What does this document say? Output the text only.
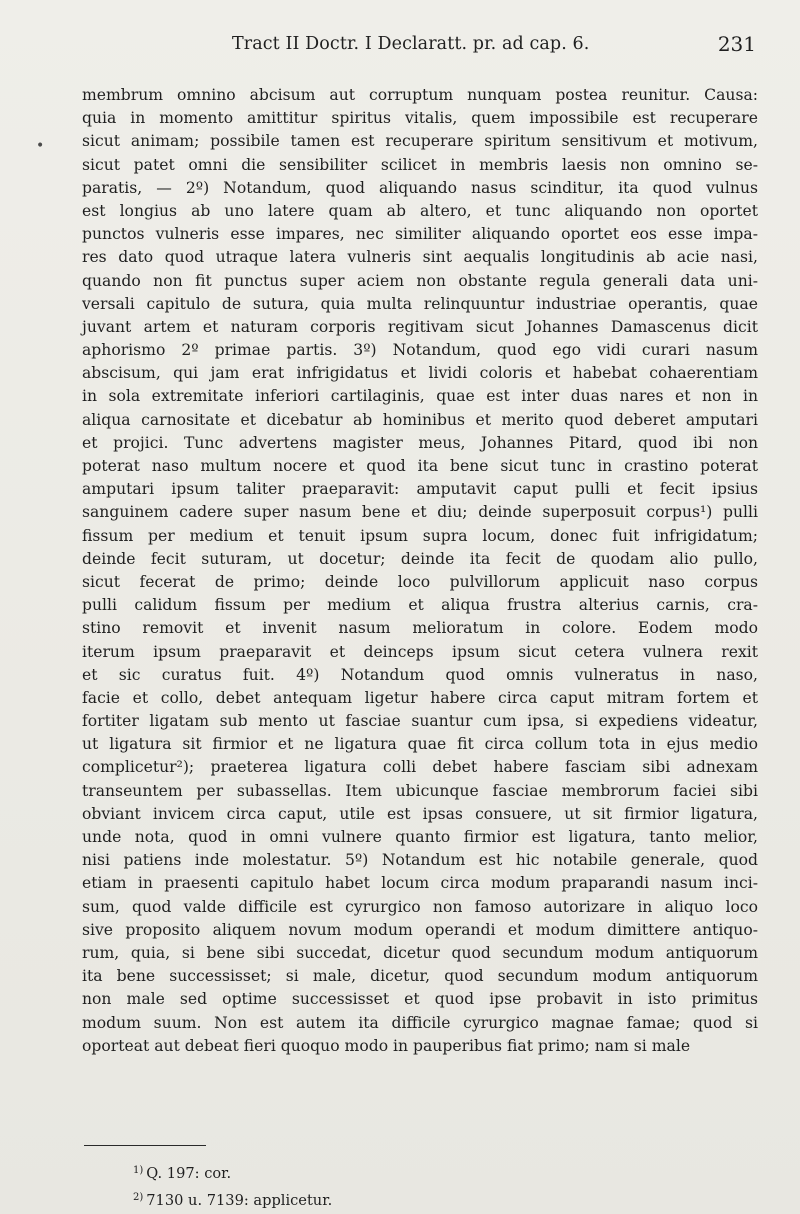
Tract II Doctr. I Declaratt. pr. ad cap. 6.	231
•
membrum omnino abcisum aut corruptum nunquam postea reunitur. Causa:
quia in momento amittitur spiritus vitalis, quem impossibile est recuperare
sicut animam; possibile tamen est recuperare spiritum sensitivum et motivum,
sicut patet omni die sensibiliter scilicet in membris laesis non omnino se-
paratis, — 2º) Notandum, quod aliquando nasus scinditur, ita quod vulnus
est longius ab uno latere quam ab altero, et tunc aliquando non oportet
punctos vulneris esse impares, nec similiter aliquando oportet eos esse impa-
res dato quod utraque latera vulneris sint aequalis longitudinis ab acie nasi,
quando non fit punctus super aciem non obstante regula generali data uni-
versali capitulo de sutura, quia multa relinquuntur industriae operantis, quae
juvant artem et naturam corporis regitivam sicut Johannes Damascenus dicit
aphorismo 2º primae partis. 3º) Notandum, quod ego vidi curari nasum
abscisum, qui jam erat infrigidatus et lividi coloris et habebat cohaerentiam
in sola extremitate inferiori cartilaginis, quae est inter duas nares et non in
aliqua carnositate et dicebatur ab hominibus et merito quod deberet amputari
et projici. Tunc advertens magister meus, Johannes Pitard, quod ibi non
poterat naso multum nocere et quod ita bene sicut tunc in crastino poterat
amputari ipsum taliter praeparavit: amputavit caput pulli et fecit ipsius
sanguinem cadere super nasum bene et diu; deinde superposuit corpus¹) pulli
fissum per medium et tenuit ipsum supra locum, donec fuit infrigidatum;
deinde fecit suturam, ut docetur; deinde ita fecit de quodam alio pullo,
sicut fecerat de primo; deinde loco pulvillorum applicuit naso corpus
pulli calidum fissum per medium et aliqua frustra alterius carnis, cra-
stino removit et invenit nasum melioratum in colore. Eodem modo
iterum ipsum praeparavit et deinceps ipsum sicut cetera vulnera rexit
et sic curatus fuit. 4º) Notandum quod omnis vulneratus in naso,
facie et collo, debet antequam ligetur habere circa caput mitram fortem et
fortiter ligatam sub mento ut fasciae suantur cum ipsa, si expediens videatur,
ut ligatura sit firmior et ne ligatura quae fit circa collum tota in ejus medio
complicetur²); praeterea ligatura colli debet habere fasciam sibi adnexam
transeuntem per subassellas. Item ubicunque fasciae membrorum faciei sibi
obviant invicem circa caput, utile est ipsas consuere, ut sit firmior ligatura,
unde nota, quod in omni vulnere quanto firmior est ligatura, tanto melior,
nisi patiens inde molestatur. 5º) Notandum est hic notabile generale, quod
etiam in praesenti capitulo habet locum circa modum praparandi nasum inci-
sum, quod valde difficile est cyrurgico non famoso autorizare in aliquo loco
sive proposito aliquem novum modum operandi et modum dimittere antiquo-
rum, quia, si bene sibi succedat, dicetur quod secundum modum antiquorum
ita bene successisset; si male, dicetur, quod secundum modum antiquorum
non male sed optime successisset et quod ipse probavit in isto primitus
modum suum. Non est autem ita difficile cyrurgico magnae famae; quod si
oporteat aut debeat fieri quoquo modo in pauperibus fiat primo; nam si male

$^{1)}$ Q. 197: cor.
$^{2)}$ 7130 u. 7139: applicetur.
